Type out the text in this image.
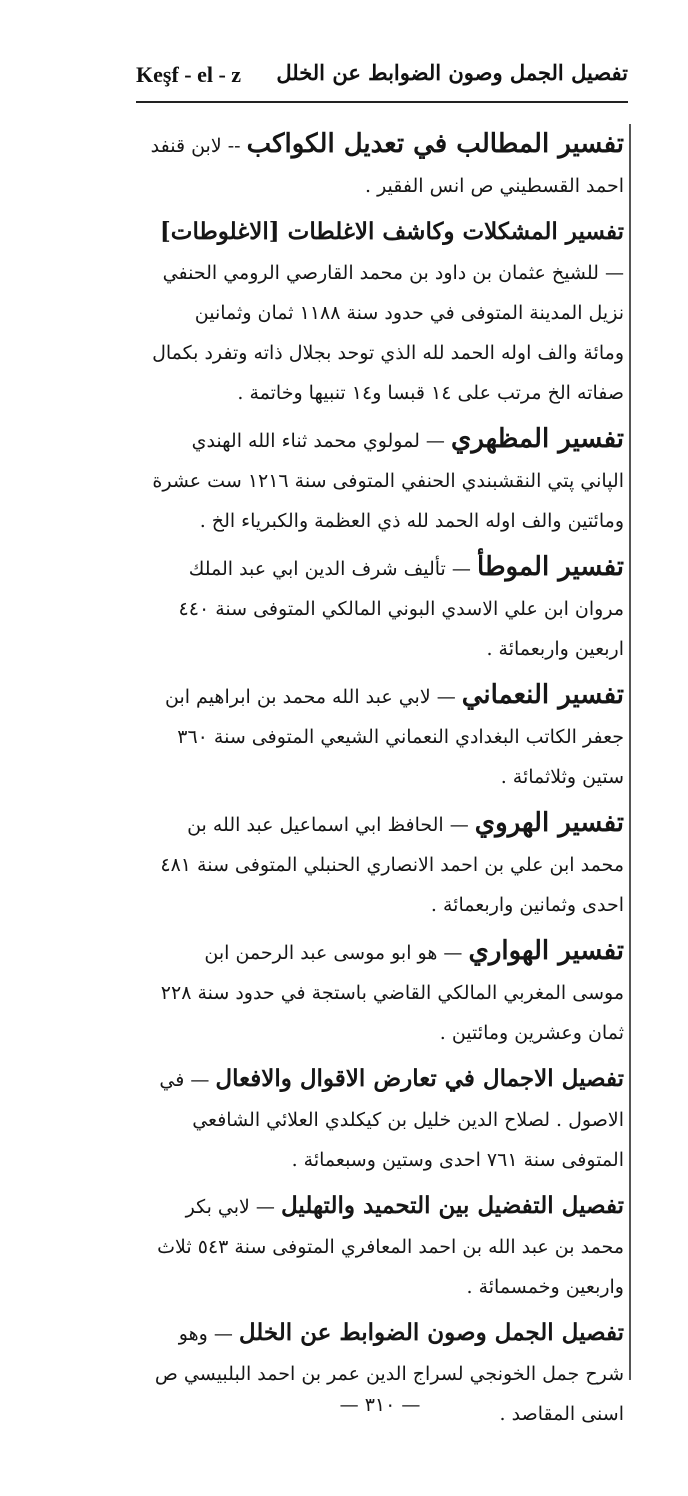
Keşf - el - z تفصيل الجمل وصون الضوابط عن الخلل

تفسير المطالب في تعديل الكواكب -- لابن قنفد احمد القسطيني ص انس الفقير .

تفسير المشكلات وكاشف الاغلطات [الاغلوطات] — للشيخ عثمان بن داود بن محمد القارصي الرومي الحنفي نزيل المدينة المتوفى في حدود سنة ١١٨٨ ثمان وثمانين ومائة والف اوله الحمد لله الذي توحد بجلال ذاته وتفرد بكمال صفاته الخ مرتب على ١٤ قبسا و١٤ تنبيها وخاتمة .

تفسير المظهري — لمولوي محمد ثناء الله الهندي الپاني پتي النقشبندي الحنفي المتوفى سنة ١٢١٦ ست عشرة ومائتين والف اوله الحمد لله ذي العظمة والكبرياء الخ .

تفسير الموطأ — تأليف شرف الدين ابي عبد الملك مروان ابن علي الاسدي البوني المالكي المتوفى سنة ٤٤٠ اربعين واربعمائة .

تفسير النعماني — لابي عبد الله محمد بن ابراهيم ابن جعفر الكاتب البغدادي النعماني الشيعي المتوفى سنة ٣٦٠ ستين وثلاثمائة .

تفسير الهروي — الحافظ ابي اسماعيل عبد الله بن محمد ابن علي بن احمد الانصاري الحنبلي المتوفى سنة ٤٨١ احدى وثمانين واربعمائة .

تفسير الهواري — هو ابو موسى عبد الرحمن ابن موسى المغربي المالكي القاضي باستجة في حدود سنة ٢٢٨ ثمان وعشرين ومائتين .

تفصيل الاجمال في تعارض الاقوال والافعال — في الاصول . لصلاح الدين خليل بن كيكلدي العلائي الشافعي المتوفى سنة ٧٦١ احدى وستين وسبعمائة .

تفصيل التفضيل بين التحميد والتهليل — لابي بكر محمد بن عبد الله بن احمد المعافري المتوفى سنة ٥٤٣ ثلاث واربعين وخمسمائة .

تفصيل الجمل وصون الضوابط عن الخلل — وهو شرح جمل الخونجي لسراج الدين عمر بن احمد البلبيسي ص اسنى المقاصد .

— ٣١٠ —
